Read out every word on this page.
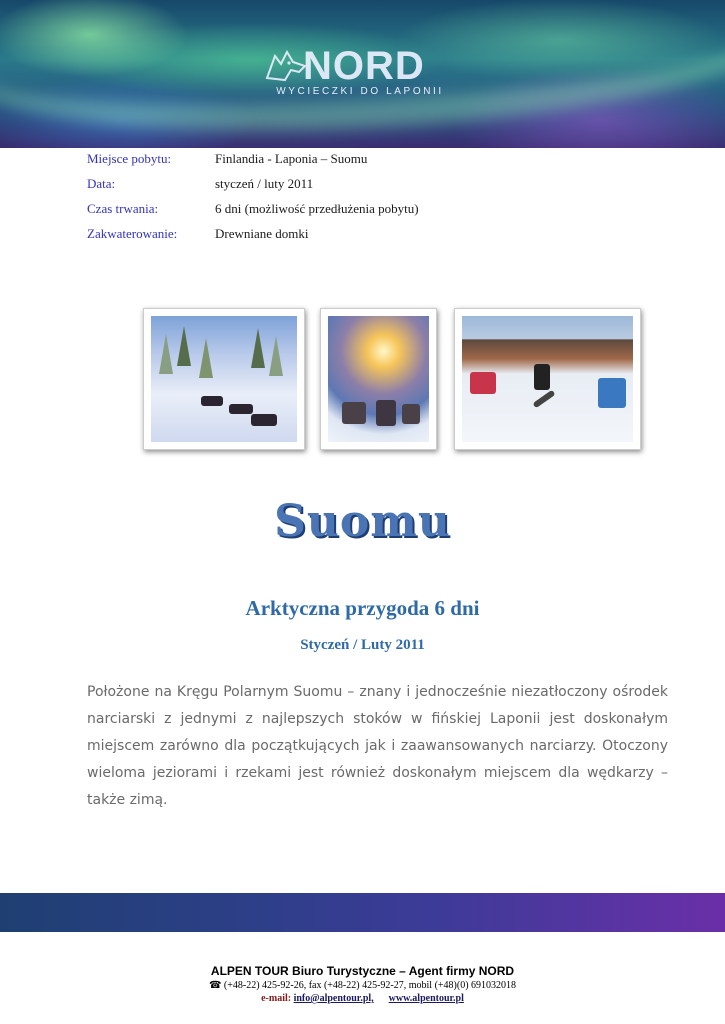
NORD
WYCIECZKI DO LAPONII
Miejsce pobytu:	Finlandia - Laponia – Suomu
Data:	styczeń / luty 2011
Czas trwania:	6 dni (możliwość przedłużenia pobytu)
Zakwaterowanie:	Drewniane domki
Suomu
Arktyczna przygoda 6 dni
Styczeń / Luty 2011

Położone na Kręgu Polarnym Suomu – znany i jednocześnie niezatłoczony ośrodek narciarski z jednymi z najlepszych stoków w fińskiej Laponii jest doskonałym miejscem zarówno dla początkujących jak i zaawansowanych narciarzy. Otoczony wieloma jeziorami i rzekami jest również doskonałym miejscem dla wędkarzy – także zimą.

ALPEN TOUR Biuro Turystyczne – Agent firmy NORD
☎ (+48-22) 425-92-26, fax (+48-22) 425-92-27, mobil (+48)(0) 691032018
e-mail: info@alpentour.pl, www.alpentour.pl
